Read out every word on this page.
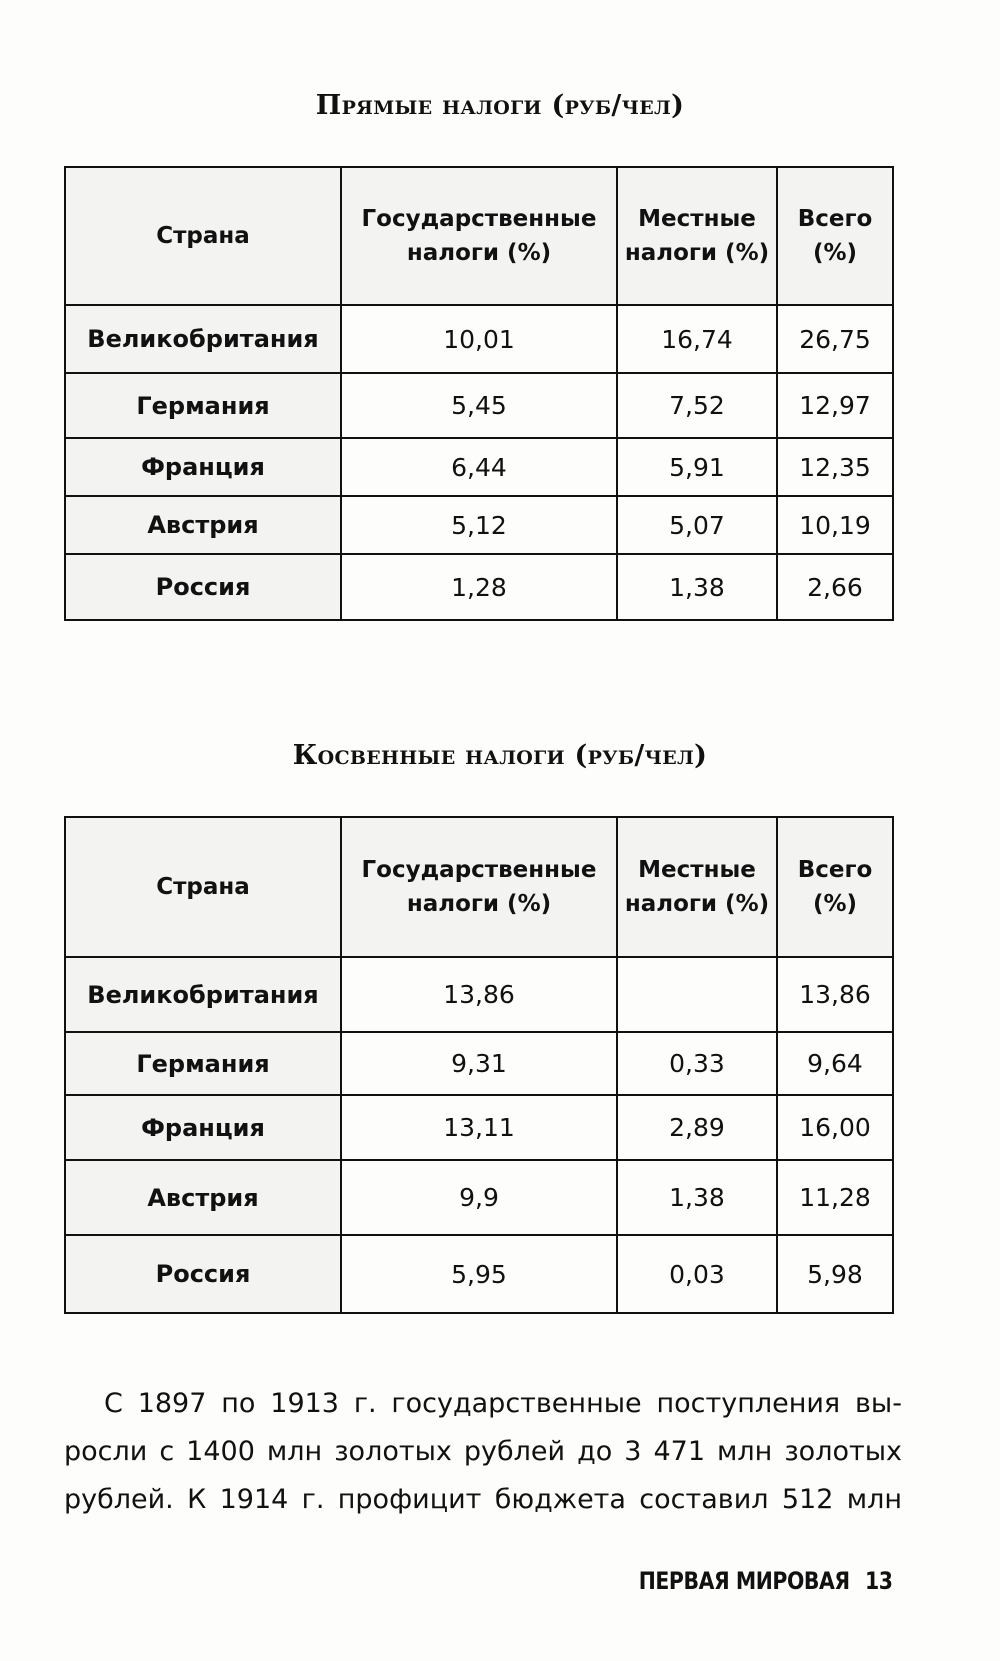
Прямые налоги (руб/чел)
Страна	Государственные налоги (%)	Местные налоги (%)	Всего (%)
Великобритания	10,01	16,74	26,75
Германия	5,45	7,52	12,97
Франция	6,44	5,91	12,35
Австрия	5,12	5,07	10,19
Россия	1,28	1,38	2,66
Косвенные налоги (руб/чел)
Страна	Государственные налоги (%)	Местные налоги (%)	Всего (%)
Великобритания	13,86		13,86
Германия	9,31	0,33	9,64
Франция	13,11	2,89	16,00
Австрия	9,9	1,38	11,28
Россия	5,95	0,03	5,98

С 1897 по 1913 г. государственные поступления вы-

росли с 1400 млн золотых рублей до 3 471 млн золотых

рублей. К 1914 г. профицит бюджета составил 512 млн

ПЕРВАЯ МИРОВАЯ 13
